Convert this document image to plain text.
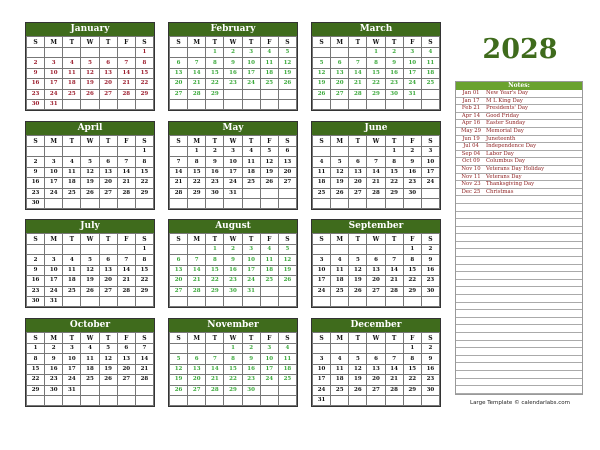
2028
January
S	M	T	W	T	F	S
						1
2	3	4	5	6	7	8
9	10	11	12	13	14	15
16	17	18	19	20	21	22
23	24	25	26	27	28	29
30	31					
February
S	M	T	W	T	F	S
		1	2	3	4	5
6	7	8	9	10	11	12
13	14	15	16	17	18	19
20	21	22	23	24	25	26
27	28	29				

March
S	M	T	W	T	F	S
			1	2	3	4
5	6	7	8	9	10	11
12	13	14	15	16	17	18
19	20	21	22	23	24	25
26	27	28	29	30	31	

April
S	M	T	W	T	F	S
						1
2	3	4	5	6	7	8
9	10	11	12	13	14	15
16	17	18	19	20	21	22
23	24	25	26	27	28	29
30						
May
S	M	T	W	T	F	S
	1	2	3	4	5	6
7	8	9	10	11	12	13
14	15	16	17	18	19	20
21	22	23	24	25	26	27
28	29	30	31			

June
S	M	T	W	T	F	S
				1	2	3
4	5	6	7	8	9	10
11	12	13	14	15	16	17
18	19	20	21	22	23	24
25	26	27	28	29	30	

July
S	M	T	W	T	F	S
						1
2	3	4	5	6	7	8
9	10	11	12	13	14	15
16	17	18	19	20	21	22
23	24	25	26	27	28	29
30	31					
August
S	M	T	W	T	F	S
		1	2	3	4	5
6	7	8	9	10	11	12
13	14	15	16	17	18	19
20	21	22	23	24	25	26
27	28	29	30	31		

September
S	M	T	W	T	F	S
					1	2
3	4	5	6	7	8	9
10	11	12	13	14	15	16
17	18	19	20	21	22	23
24	25	26	27	28	29	30

October
S	M	T	W	T	F	S
1	2	3	4	5	6	7
8	9	10	11	12	13	14
15	16	17	18	19	20	21
22	23	24	25	26	27	28
29	30	31				

November
S	M	T	W	T	F	S
			1	2	3	4
5	6	7	8	9	10	11
12	13	14	15	16	17	18
19	20	21	22	23	24	25
26	27	28	29	30		

December
S	M	T	W	T	F	S
					1	2
3	4	5	6	7	8	9
10	11	12	13	14	15	16
17	18	19	20	21	22	23
24	25	26	27	28	29	30
31						
Notes:
Jan 01	New Year's Day
Jan 17	M L King Day
Feb 21	Presidents' Day
Apr 14	Good Friday
Apr 16	Easter Sunday
May 29 Memorial Day
Jun 19	Juneteenth
Jul 04	Independence Day
Sep 04	Labor Day
Oct 09	Columbus Day
Nov 10	Veterans Day Holiday
Nov 11	Veterans Day
Nov 23	Thanksgiving Day
Dec 25	Christmas
Large Template © calendarlabs.com
